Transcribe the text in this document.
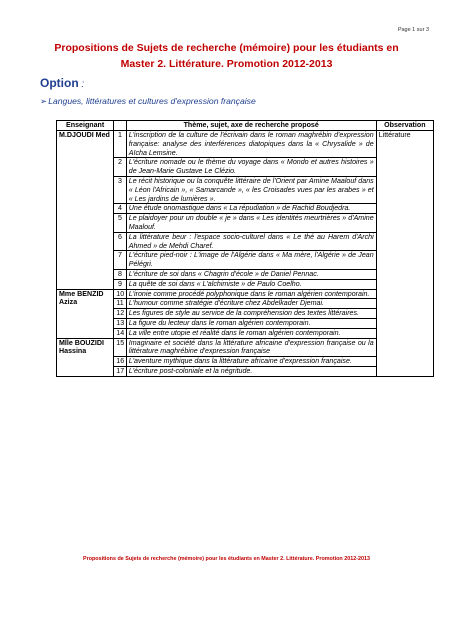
Page 1 sur 3
Propositions de Sujets de recherche (mémoire) pour les étudiants en
Master 2. Littérature. Promotion 2012-2013
Option :
➢Langues, littératures et cultures d'expression française
Enseignant		Thème, sujet, axe de recherche proposé	Observation
M.DJOUDI Med	1	L'inscription de la culture de l'écrivain dans le roman maghrébin d'expression française: analyse des interférences diatopiques dans la « Chrysalide » de Aïcha Lemsine.	Littérature
	2	L'écriture nomade ou le thème du voyage dans « Mondo et autres histoires » de Jean-Marie Gustave Le Clézio.	
	3	Le récit historique ou la conquête littéraire de l'Orient par Amine Maalouf dans « Léon l'Africain », « Samarcande », « les Croisades vues par les arabes » et « Les jardins de lumières ».	
	4	Une étude onomastique dans « La répudiation » de Rachid Boudjedra.	
	5	Le plaidoyer pour un double « je » dans « Les identités meurtrières » d'Amine Maalouf.	
	6	La littérature beur : l'espace socio-culturel dans « Le thé au Harem d'Archi Ahmed » de Mehdi Charef.	
	7	L'écriture pied-noir : L'image de l'Algérie dans « Ma mère, l'Algérie » de Jean Pélégri.	
	8	L'écriture de soi dans « Chagrin d'école » de Daniel Pennac.	
	9	La quête de soi dans « L'alchimiste » de Paulo Coelho.	
Mme BENZID Aziza	10	L'ironie comme procédé polyphonique dans le roman algérien contemporain.	
	11	L'humour comme stratégie d'écriture chez Abdelkader Djemai.	
	12	Les figures de style au service de la compréhension des textes littéraires.	
	13	La figure du lecteur dans le roman algérien contemporain.	
	14	La ville entre utopie et réalité dans le roman algérien contemporain.	
Mlle BOUZIDI Hassina	15	Imaginaire et société dans la littérature africaine d'expression française ou la littérature maghrébine d'expression française	
	16	L'aventure mythique dans la littérature africaine d'expression française.	
	17	L'écriture post-coloniale et la négritude.	
Propositions de Sujets de recherche (mémoire) pour les étudiants en Master 2. Littérature. Promotion 2012-2013
